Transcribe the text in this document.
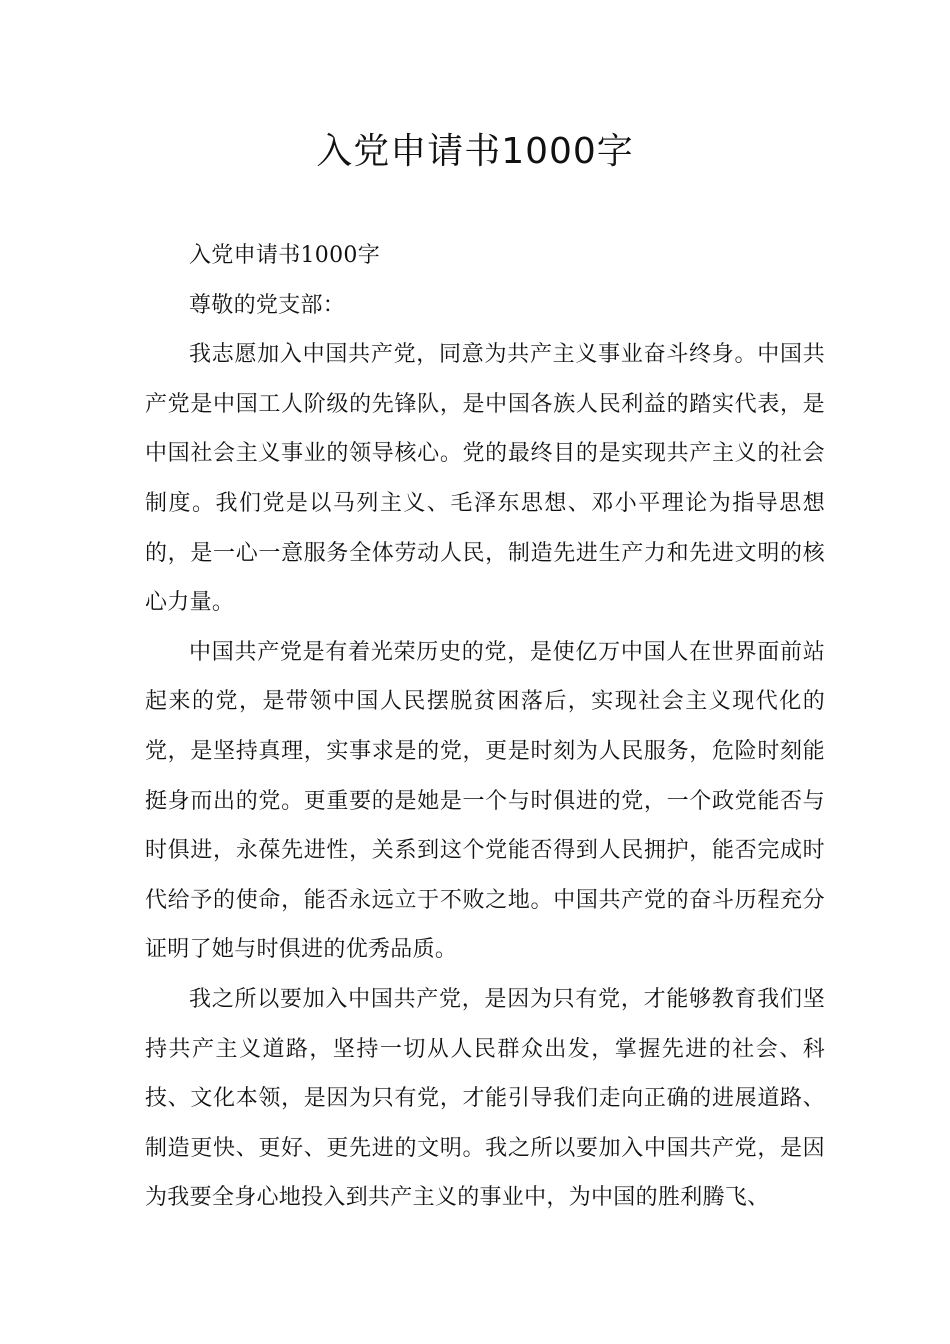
入党申请书1000字

入党申请书1000字

尊敬的党支部：

我志愿加入中国共产党，同意为共产主义事业奋斗终身。中国共产党是中国工人阶级的先锋队，是中国各族人民利益的踏实代表，是中国社会主义事业的领导核心。党的最终目的是实现共产主义的社会制度。我们党是以马列主义、毛泽东思想、邓小平理论为指导思想的，是一心一意服务全体劳动人民，制造先进生产力和先进文明的核心力量。

中国共产党是有着光荣历史的党，是使亿万中国人在世界面前站起来的党，是带领中国人民摆脱贫困落后，实现社会主义现代化的党，是坚持真理，实事求是的党，更是时刻为人民服务，危险时刻能挺身而出的党。更重要的是她是一个与时俱进的党，一个政党能否与时俱进，永葆先进性，关系到这个党能否得到人民拥护，能否完成时代给予的使命，能否永远立于不败之地。中国共产党的奋斗历程充分证明了她与时俱进的优秀品质。

我之所以要加入中国共产党，是因为只有党，才能够教育我们坚持共产主义道路，坚持一切从人民群众出发，掌握先进的社会、科技、文化本领，是因为只有党，才能引导我们走向正确的进展道路、制造更快、更好、更先进的文明。我之所以要加入中国共产党，是因为我要全身心地投入到共产主义的事业中，为中国的胜利腾飞、
